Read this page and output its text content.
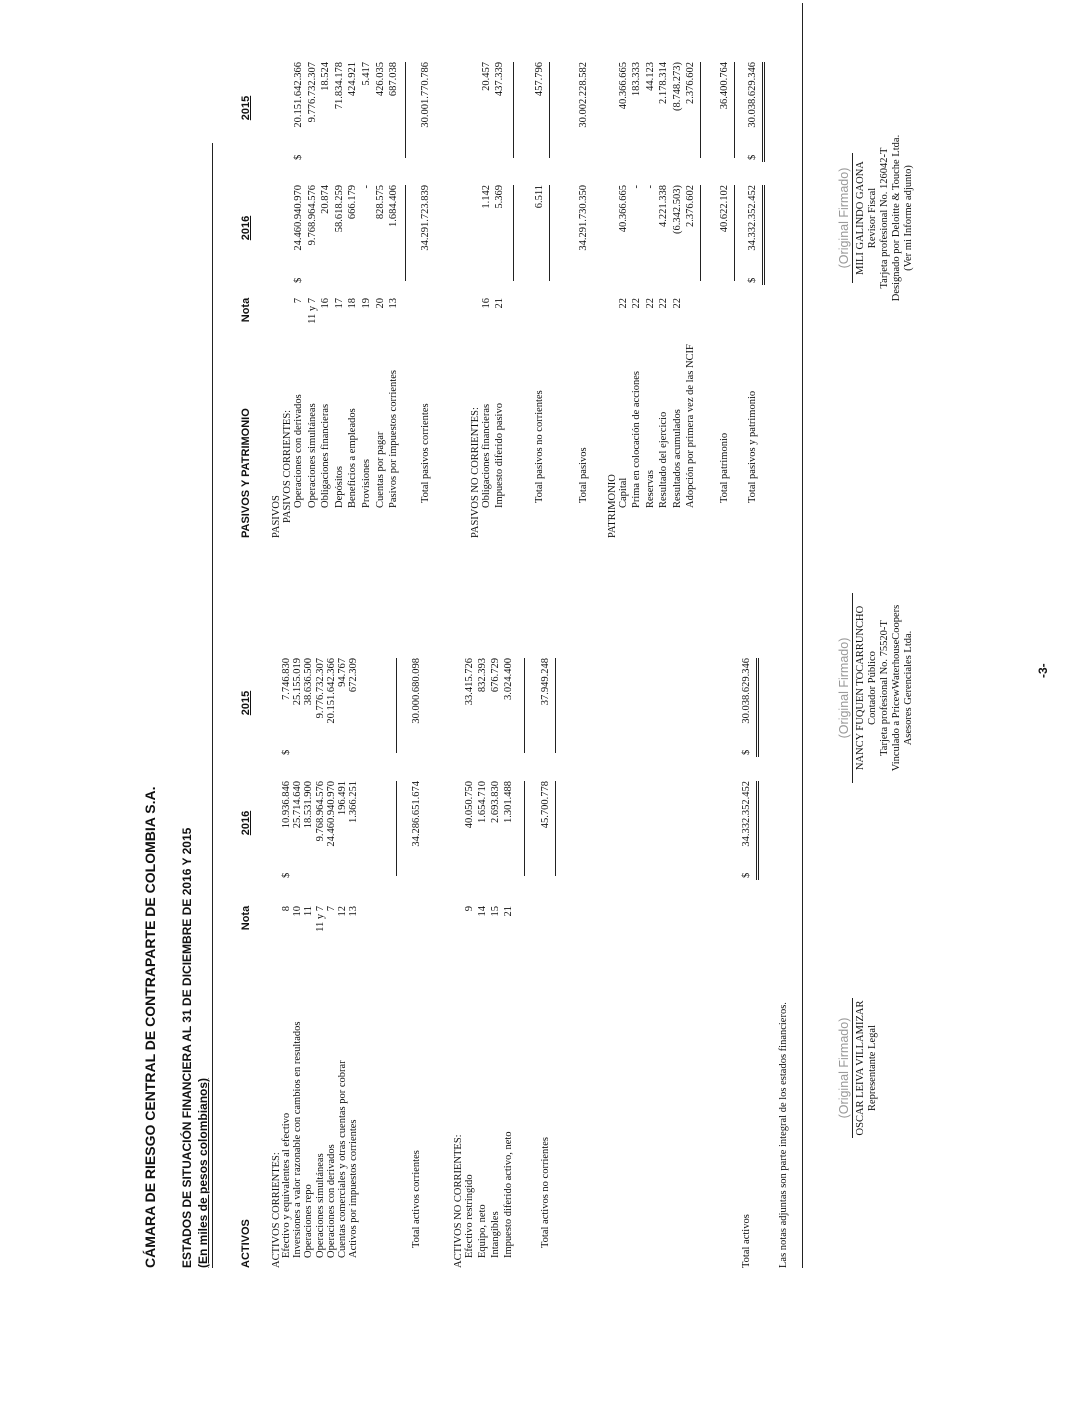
CÁMARA DE RIESGO CENTRAL DE CONTRAPARTE DE COLOMBIA S.A. ESTADOS DE SITUACIÓN FINANCIERA AL 31 DE DICIEMBRE DE 2016 Y 2015 (En miles de pesos colombianos)	ACTIVOS
Nota
2016
2015
PASIVOS Y PATRIMONIO
Nota
2016
2015
ACTIVOS CORRIENTES: Efectivo y equivalentes al efectivo
8
$
10.936.846
$
7.746.830
Inversiones a valor razonable con cambios en resultados
10
25.714.640
25.155.019
Operaciones repo
11
18.531.900
38.636.500
Operaciones simultáneas
11 y 7
9.768.964.576
9.776.732.307
Operaciones con derivados
7
24.460.940.970
20.151.642.366
Cuentas comerciales y otras cuentas por cobrar
12
196.491
94.767
Activos por impuestos corrientes
13
1.366.251
672.309
Total activos corrientes
34.286.651.674
30.000.680.098
ACTIVOS NO CORRIENTES: Efectivo restringido
9
40.050.750
33.415.726
Equipo, neto
14
1.654.710
832.393
Intangibles
15
2.693.830
676.729
Impuesto diferido activo, neto
21
1.301.488
3.024.400
Total activos no corrientes
45.700.778
37.949.248
Total activos
$
34.332.352.452
$
30.038.629.346
PASIVOS PASIVOS CORRIENTES: Operaciones con derivados
7
$
24.460.940.970
$
20.151.642.366
Operaciones simultáneas
11 y 7
9.768.964.576
9.776.732.307
Obligaciones financieras
16
20.874
18.524
Depósitos
17
58.618.259
71.834.178
Beneficios a empleados
18
666.179
424.921
Provisiones
19
-
5.417
Cuentas por pagar
20
828.575
426.035
Pasivos por impuestos corrientes
13
1.684.406
687.038
Total pasivos corrientes
34.291.723.839
30.001.770.786
PASIVOS NO CORRIENTES: Obligaciones financieras
16
1.142
20.457
Impuesto diferido pasivo
21
5.369
437.339
Total pasivos no corrientes
6.511
457.796
Total pasivos
34.291.730.350
30.002.228.582
PATRIMONIO Capital
22
40.366.665
40.366.665
Prima en colocación de acciones
22
-
183.333
Reservas
22
-
44.123
Resultado del ejercicio
22
4.221.338
2.178.314
Resultados acumulados
22
(6.342.503)
(8.748.273)
Adopción por primera vez de las NCIF
2.376.602
2.376.602
Total patrimonio
40.622.102
36.400.764
Total pasivos y patrimonio
$
34.332.352.452
$
30.038.629.346
Las notas adjuntas son parte integral de los estados financieros.	(Original Firmado) OSCAR LEIVA VILLAMIZAR Representante Legal
(Original Firmado) NANCY FUQUEN TOCARRUNCHO Contador Público Tarjeta profesional No. 75520-T Vinculado a PricewWaterhouseCoopers Asesores Gerenciales Ltda.
(Original Firmado) MILI GALINDO GAONA Revisor Fiscal Tarjeta profesional No. 126042-T Designado por Deloitte & Touche Ltda. (Ver mi Informe adjunto)
-3-
